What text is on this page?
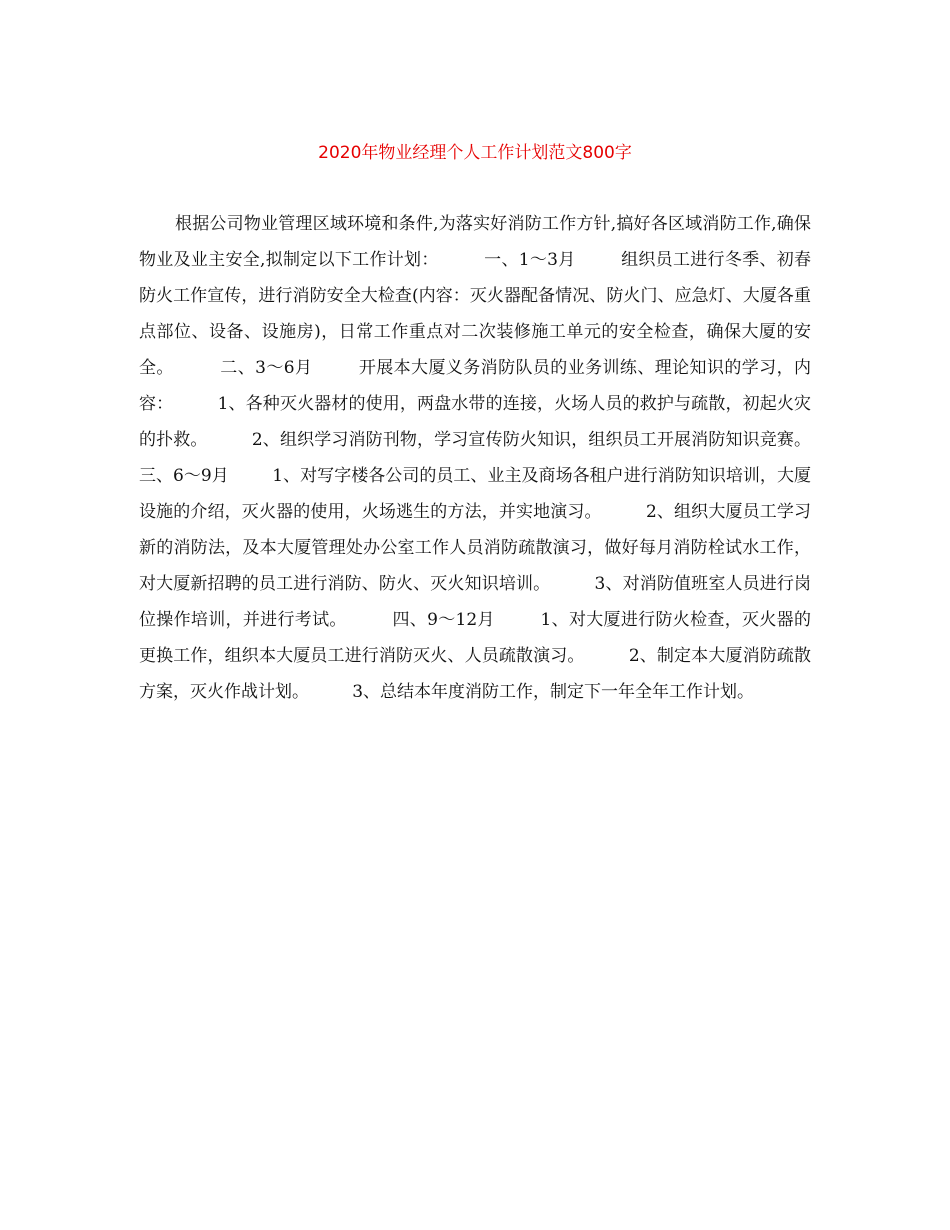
2020年物业经理个人工作计划范文800字

根据公司物业管理区域环境和条件,为落实好消防工作方针,搞好各区域消防工作,确保物业及业主安全,拟制定以下工作计划：        一、1～3月        组织员工进行冬季、初春防火工作宣传，进行消防安全大检查(内容：灭火器配备情况、防火门、应急灯、大厦各重点部位、设备、设施房)，日常工作重点对二次装修施工单元的安全检查，确保大厦的安全。        二、3～6月        开展本大厦义务消防队员的业务训练、理论知识的学习，内容：        1、各种灭火器材的使用，两盘水带的连接，火场人员的救护与疏散，初起火灾的扑救。        2、组织学习消防刊物，学习宣传防火知识，组织员工开展消防知识竞赛。        三、6～9月        1、对写字楼各公司的员工、业主及商场各租户进行消防知识培训，大厦设施的介绍，灭火器的使用，火场逃生的方法，并实地演习。        2、组织大厦员工学习新的消防法，及本大厦管理处办公室工作人员消防疏散演习，做好每月消防栓试水工作，对大厦新招聘的员工进行消防、防火、灭火知识培训。        3、对消防值班室人员进行岗位操作培训，并进行考试。        四、9～12月        1、对大厦进行防火检查，灭火器的更换工作，组织本大厦员工进行消防灭火、人员疏散演习。        2、制定本大厦消防疏散方案，灭火作战计划。        3、总结本年度消防工作，制定下一年全年工作计划。
